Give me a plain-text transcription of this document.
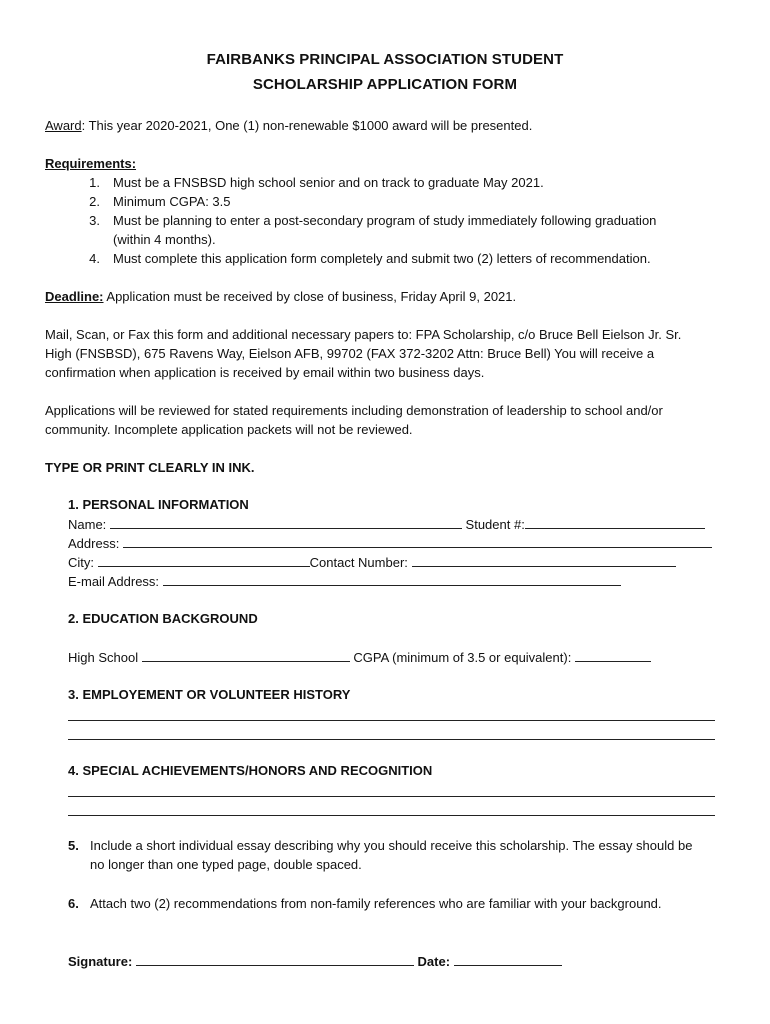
FAIRBANKS PRINCIPAL ASSOCIATION STUDENT
SCHOLARSHIP APPLICATION FORM
Award: This year 2020-2021, One (1) non-renewable $1000 award will be presented.
Requirements:
1. Must be a FNSBSD high school senior and on track to graduate May 2021.
2. Minimum CGPA: 3.5
3. Must be planning to enter a post-secondary program of study immediately following graduation
(within 4 months).
4. Must complete this application form completely and submit two (2) letters of recommendation.
Deadline: Application must be received by close of business, Friday April 9, 2021.
Mail, Scan, or Fax this form and additional necessary papers to: FPA Scholarship, c/o Bruce Bell Eielson Jr. Sr.
High (FNSBSD), 675 Ravens Way, Eielson AFB, 99702 (FAX 372-3202 Attn: Bruce Bell) You will receive a
confirmation when application is received by email within two business days.
Applications will be reviewed for stated requirements including demonstration of leadership to school and/or
community. Incomplete application packets will not be reviewed.
TYPE OR PRINT CLEARLY IN INK.
1. PERSONAL INFORMATION
Name:	Student #:
Address:
City:	Contact Number:
E-mail Address:
2. EDUCATION BACKGROUND
High School	CGPA (minimum of 3.5 or equivalent):
3. EMPLOYEMENT OR VOLUNTEER HISTORY
4. SPECIAL ACHIEVEMENTS/HONORS AND RECOGNITION
5. Include a short individual essay describing why you should receive this scholarship. The essay should be
no longer than one typed page, double spaced.
6. Attach two (2) recommendations from non-family references who are familiar with your background.
Signature:	Date:
